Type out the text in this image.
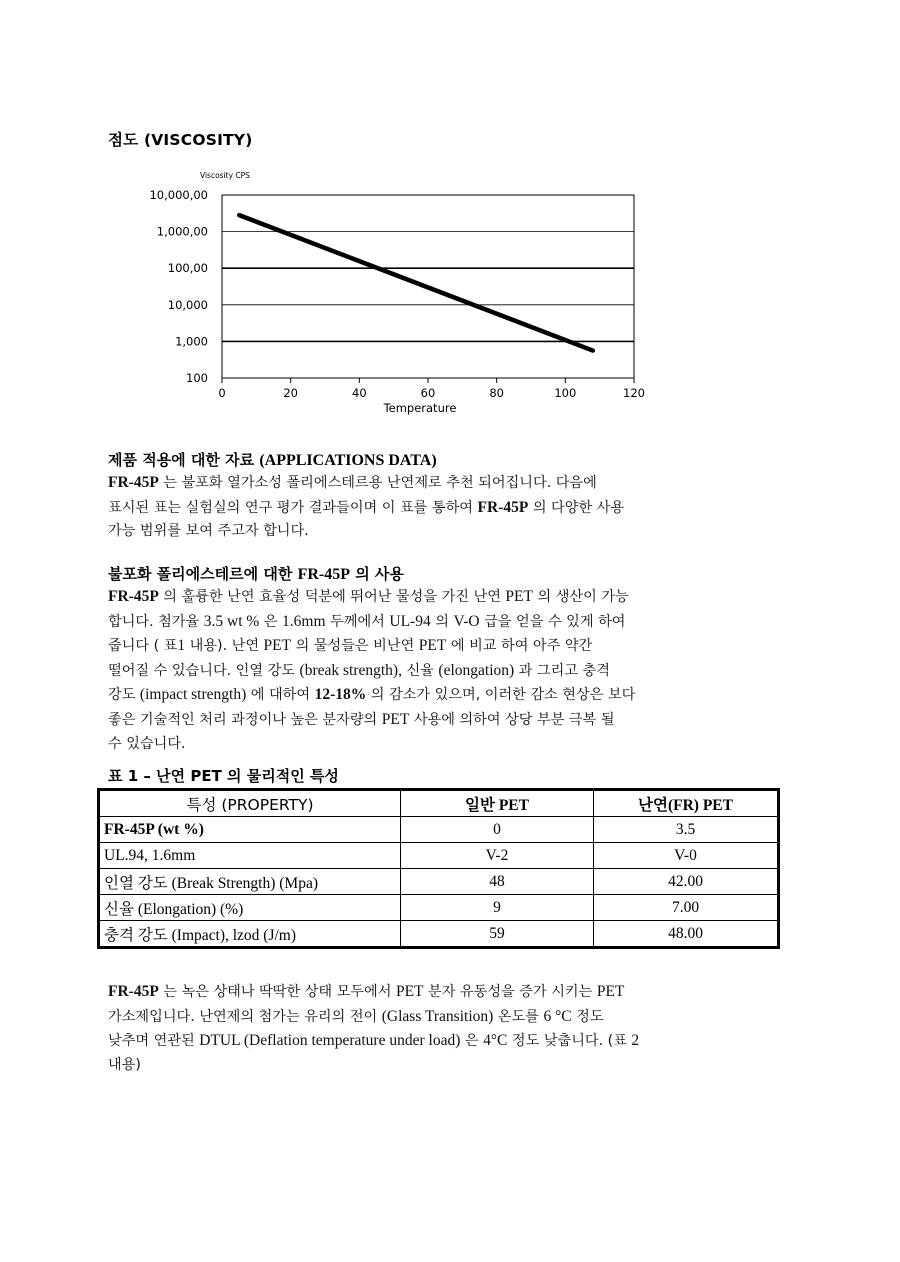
점도 (VISCOSITY)
Viscosity CPS
10,000,00
1,000,00
100,00
10,000
1,000
100
0	20	40	60	80	100	120
Temperature
제품 적용에 대한 자료 (APPLICATIONS DATA)
FR-45P 는 불포화 열가소성 폴리에스테르용 난연제로 추천 되어집니다. 다음에
표시된 표는 실험실의 연구 평가 결과들이며 이 표를 통하여 FR-45P 의 다양한 사용
가능 범위를 보여 주고자 합니다.
불포화 폴리에스테르에 대한 FR-45P 의 사용
FR-45P 의 훌륭한 난연 효율성 덕분에 뛰어난 물성을 가진 난연 PET 의 생산이 가능
합니다. 첨가율 3.5 wt % 은 1.6mm 두께에서 UL-94 의 V-O 급을 얻을 수 있게 하여
줍니다 ( 표1 내용). 난연 PET 의 물성들은 비난연 PET 에 비교 하여 아주 약간
떨어질 수 있습니다. 인열 강도 (break strength), 신율 (elongation) 과 그리고 충격
강도 (impact strength) 에 대하여 12-18% 의 감소가 있으며, 이러한 감소 현상은 보다
좋은 기술적인 처리 과정이나 높은 분자량의 PET 사용에 의하여 상당 부분 극복 될
수 있습니다.
표 1 – 난연 PET 의 물리적인 특성
특성 (PROPERTY)	일반 PET	난연(FR) PET
FR-45P (wt %)	0	3.5
UL.94, 1.6mm	V-2	V-0
인열 강도 (Break Strength) (Mpa)	48	42.00
신율 (Elongation) (%)	9	7.00
충격 강도 (Impact), lzod (J/m)	59	48.00
FR-45P 는 녹은 상태나 딱딱한 상태 모두에서 PET 분자 유동성을 증가 시키는 PET
가소제입니다. 난연제의 첨가는 유리의 전이 (Glass Transition) 온도를 6 °C 정도
낮추며 연관된 DTUL (Deflation temperature under load) 은 4°C 정도 낮춥니다. (표 2
내용)
